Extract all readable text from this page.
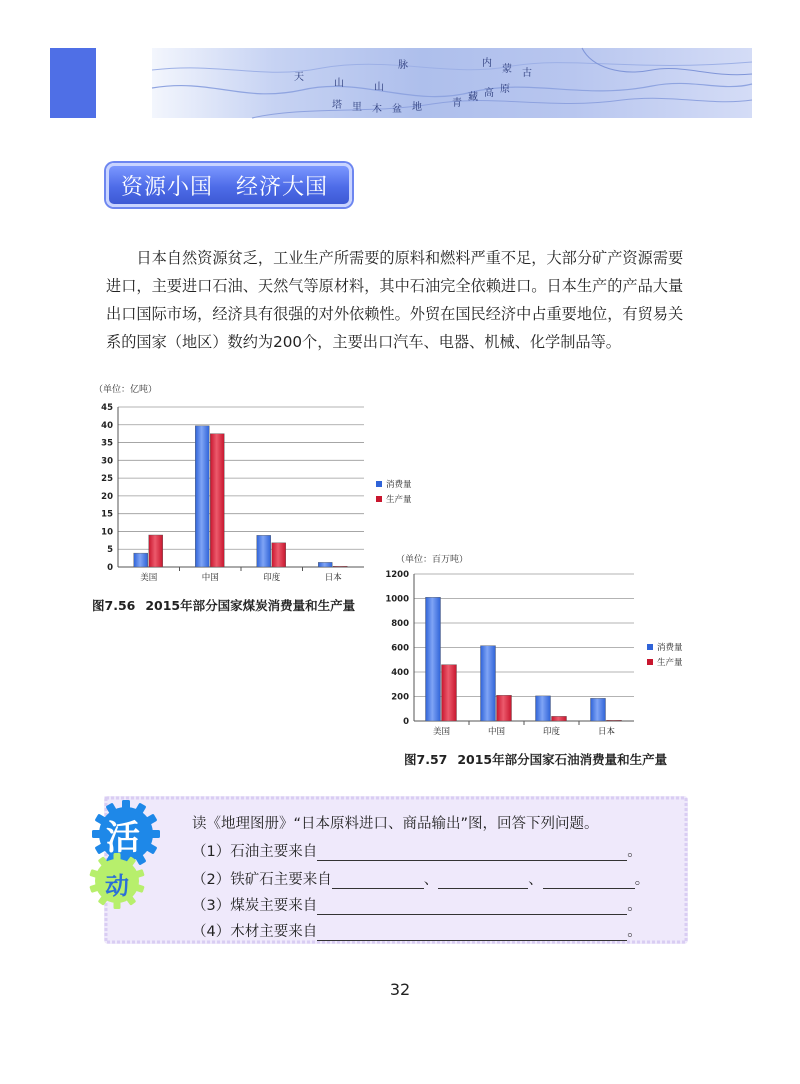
天
山	山
脉
塔 里 木 盆 地	青
藏 高 原
内
蒙 古
资源小国　经济大国

日本自然资源贫乏，工业生产所需要的原料和燃料严重不足，大部分矿产资源需要进口，主要进口石油、天然气等原材料，其中石油完全依赖进口。日本生产的产品大量出口国际市场，经济具有很强的对外依赖性。外贸在国民经济中占重要地位，有贸易关系的国家（地区）数约为200个，主要出口汽车、电器、机械、化学制品等。

（单位：亿吨）
0
5
10
15
20
25
30
35
40
45
美国	中国	印度	日本
消费量
生产量
图7.56 2015年部分国家煤炭消费量和生产量
（单位：百万吨）
0
200
400
600
800
1000
1200
美国	中国	印度	日本
消费量
生产量
图7.57 2015年部分国家石油消费量和生产量
活
动
读《地理图册》“日本原料进口、商品输出”图，回答下列问题。
（1）石油主要来自	。
（2）铁矿石主要来自	、	、	。
（3）煤炭主要来自	。
（4）木材主要来自	。
32
